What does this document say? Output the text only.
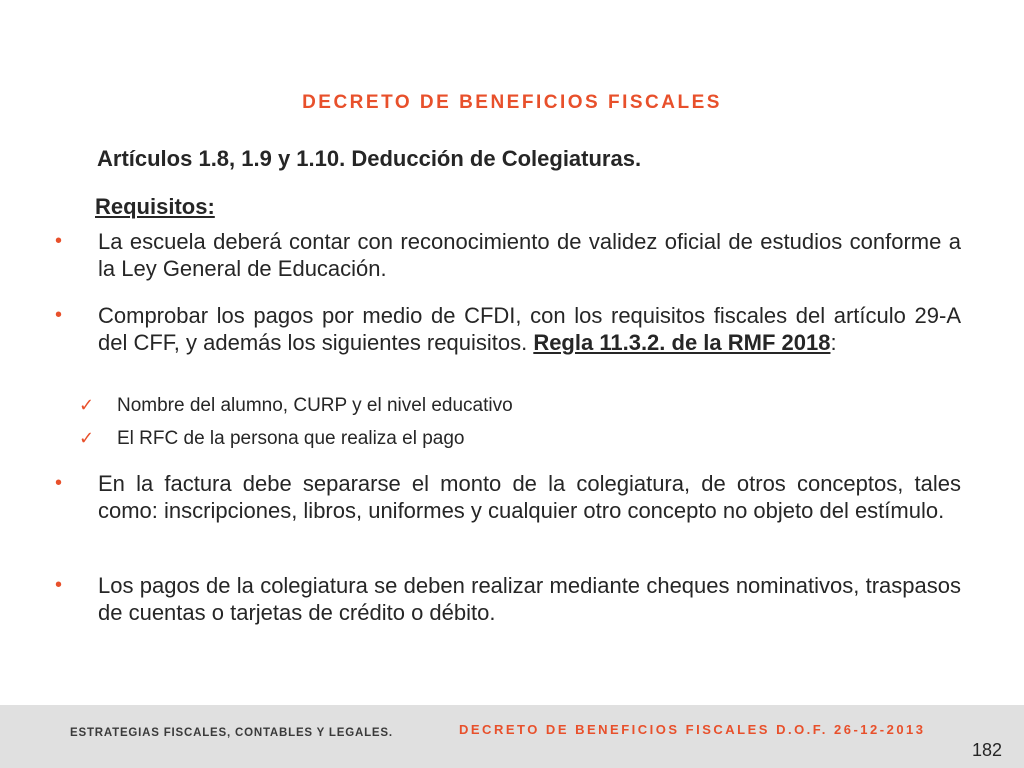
DECRETO DE BENEFICIOS FISCALES
Artículos 1.8, 1.9 y 1.10. Deducción de Colegiaturas.
Requisitos:
•	La escuela deberá contar con reconocimiento de validez oficial de estudios conforme a la Ley General de Educación.
•	Comprobar los pagos por medio de CFDI, con los requisitos fiscales del artículo 29-A del CFF, y además los siguientes requisitos. Regla 11.3.2. de la RMF 2018:
✓ Nombre del alumno, CURP y el nivel educativo
✓ El RFC de la persona que realiza el pago
•	En la factura debe separarse el monto de la colegiatura, de otros conceptos, tales como: inscripciones, libros, uniformes y cualquier otro concepto no objeto del estímulo.
•	Los pagos de la colegiatura se deben realizar mediante cheques nominativos, traspasos de cuentas o tarjetas de crédito o débito.
ESTRATEGIAS FISCALES, CONTABLES Y LEGALES.	DECRETO DE BENEFICIOS FISCALES D.O.F. 26-12-2013
182
